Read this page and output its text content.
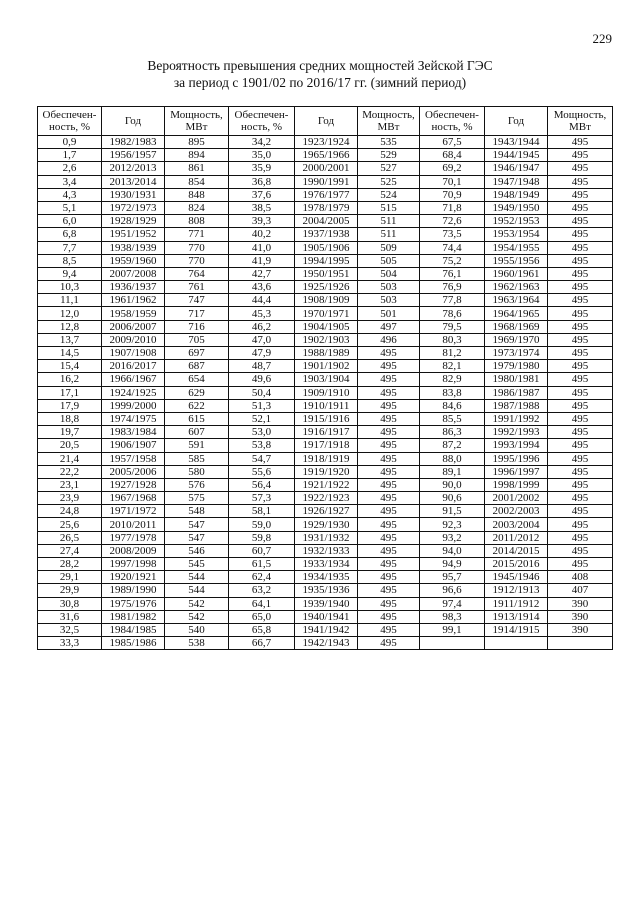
229
Вероятность превышения средних мощностей Зейской ГЭС
за период с 1901/02 по 2016/17 гг. (зимний период)
Обеспечен-ность, %	Год	Мощность, МВт	Обеспечен-ность, %	Год	Мощность, МВт	Обеспечен-ность, %	Год	Мощность, МВт
0,9	1982/1983	895	34,2	1923/1924	535	67,5	1943/1944	495
1,7	1956/1957	894	35,0	1965/1966	529	68,4	1944/1945	495
2,6	2012/2013	861	35,9	2000/2001	527	69,2	1946/1947	495
3,4	2013/2014	854	36,8	1990/1991	525	70,1	1947/1948	495
4,3	1930/1931	848	37,6	1976/1977	524	70,9	1948/1949	495
5,1	1972/1973	824	38,5	1978/1979	515	71,8	1949/1950	495
6,0	1928/1929	808	39,3	2004/2005	511	72,6	1952/1953	495
6,8	1951/1952	771	40,2	1937/1938	511	73,5	1953/1954	495
7,7	1938/1939	770	41,0	1905/1906	509	74,4	1954/1955	495
8,5	1959/1960	770	41,9	1994/1995	505	75,2	1955/1956	495
9,4	2007/2008	764	42,7	1950/1951	504	76,1	1960/1961	495
10,3	1936/1937	761	43,6	1925/1926	503	76,9	1962/1963	495
11,1	1961/1962	747	44,4	1908/1909	503	77,8	1963/1964	495
12,0	1958/1959	717	45,3	1970/1971	501	78,6	1964/1965	495
12,8	2006/2007	716	46,2	1904/1905	497	79,5	1968/1969	495
13,7	2009/2010	705	47,0	1902/1903	496	80,3	1969/1970	495
14,5	1907/1908	697	47,9	1988/1989	495	81,2	1973/1974	495
15,4	2016/2017	687	48,7	1901/1902	495	82,1	1979/1980	495
16,2	1966/1967	654	49,6	1903/1904	495	82,9	1980/1981	495
17,1	1924/1925	629	50,4	1909/1910	495	83,8	1986/1987	495
17,9	1999/2000	622	51,3	1910/1911	495	84,6	1987/1988	495
18,8	1974/1975	615	52,1	1915/1916	495	85,5	1991/1992	495
19,7	1983/1984	607	53,0	1916/1917	495	86,3	1992/1993	495
20,5	1906/1907	591	53,8	1917/1918	495	87,2	1993/1994	495
21,4	1957/1958	585	54,7	1918/1919	495	88,0	1995/1996	495
22,2	2005/2006	580	55,6	1919/1920	495	89,1	1996/1997	495
23,1	1927/1928	576	56,4	1921/1922	495	90,0	1998/1999	495
23,9	1967/1968	575	57,3	1922/1923	495	90,6	2001/2002	495
24,8	1971/1972	548	58,1	1926/1927	495	91,5	2002/2003	495
25,6	2010/2011	547	59,0	1929/1930	495	92,3	2003/2004	495
26,5	1977/1978	547	59,8	1931/1932	495	93,2	2011/2012	495
27,4	2008/2009	546	60,7	1932/1933	495	94,0	2014/2015	495
28,2	1997/1998	545	61,5	1933/1934	495	94,9	2015/2016	495
29,1	1920/1921	544	62,4	1934/1935	495	95,7	1945/1946	408
29,9	1989/1990	544	63,2	1935/1936	495	96,6	1912/1913	407
30,8	1975/1976	542	64,1	1939/1940	495	97,4	1911/1912	390
31,6	1981/1982	542	65,0	1940/1941	495	98,3	1913/1914	390
32,5	1984/1985	540	65,8	1941/1942	495	99,1	1914/1915	390
33,3	1985/1986	538	66,7	1942/1943	495			
